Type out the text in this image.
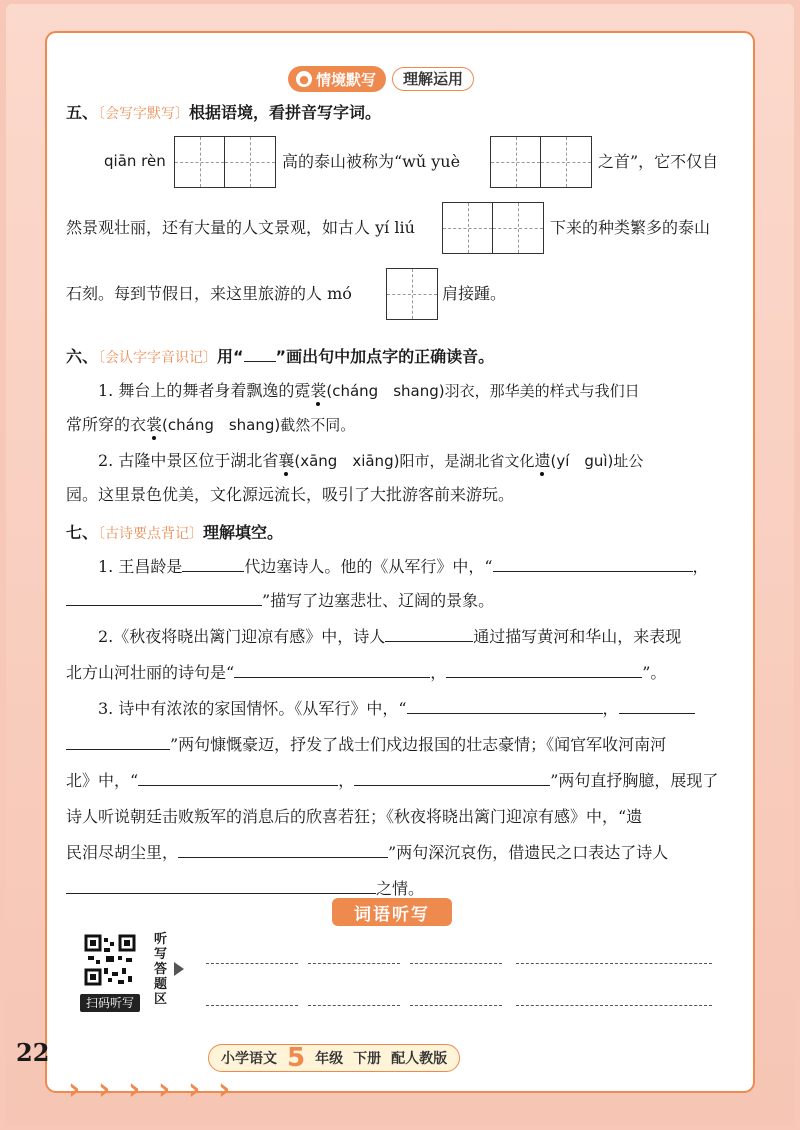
● 情境默写	理解运用
五、〔会写字默写〕根据语境，看拼音写字词。
qiān rèn	高的泰山被称为“wǔ yuè	之首”，它不仅自
然景观壮丽，还有大量的人文景观，如古人 yí liú	下来的种类繁多的泰山
石刻。每到节假日，来这里旅游的人 mó	肩接踵。
六、〔会认字字音识记〕用“ ”画出句中加点字的正确读音。
1. 舞台上的舞者身着飘逸的霓裳(cháng　shang)羽衣，那华美的样式与我们日
常所穿的衣裳(cháng　shang)截然不同。
2. 古隆中景区位于湖北省襄(xāng　xiāng)阳市，是湖北省文化遗(yí　guì)址公
园。这里景色优美，文化源远流长，吸引了大批游客前来游玩。
七、〔古诗要点背记〕理解填空。
1. 王昌龄是	代边塞诗人。他的《从军行》中，“	，
”描写了边塞悲壮、辽阔的景象。
2.《秋夜将晓出篱门迎凉有感》中，诗人	通过描写黄河和华山，来表现
北方山河壮丽的诗句是“	，	”。
3. 诗中有浓浓的家国情怀。《从军行》中，“	，
”两句慷慨豪迈，抒发了战士们戍边报国的壮志豪情；《闻官军收河南河
北》中，“	，	”两句直抒胸臆，展现了
诗人听说朝廷击败叛军的消息后的欣喜若狂；《秋夜将晓出篱门迎凉有感》中，“遗
民泪尽胡尘里，	”两句深沉哀伤，借遗民之口表达了诗人
之情。
词语听写
扫码听写
听
写
答
题
区
22	小学语文 5 年级 下册 配人教版
› › › › › ›
